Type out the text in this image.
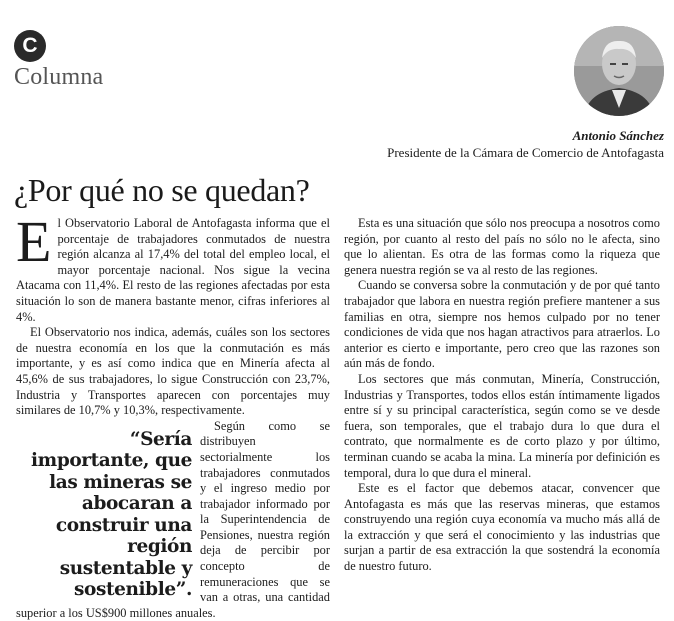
C
Columna
Antonio Sánchez
Presidente de la Cámara de Comercio de Antofagasta
¿Por qué no se quedan?

El Observatorio Laboral de Antofagasta informa que el porcentaje de trabajadores conmutados de nuestra región alcanza al 17,4% del total del empleo local, el mayor porcentaje nacional. Nos sigue la vecina Atacama con 11,4%. El resto de las regiones afectadas por esta situación lo son de manera bastante menor, cifras inferiores al 4%.

El Observatorio nos indica, además, cuáles son los sectores de nuestra economía en los que la conmutación es más importante, y es así como indica que en Minería afecta al 45,6% de sus trabajadores, lo sigue Construcción con 23,7%, Industria y Transportes aparecen con porcentajes muy similares de 10,7% y 10,3%, respectivamente.
“Sería importante, que las mineras se abocaran a construir una región sustentable y sostenible”.

Según como se distribuyen sectorialmente los trabajadores conmutados y el ingreso medio por trabajador informado por la Superintendencia de Pensiones, nuestra región deja de percibir por concepto de remuneraciones que se van a otras, una cantidad superior a los US$900 millones anuales.

Esta es una situación que sólo nos preocupa a nosotros como región, por cuanto al resto del país no sólo no le afecta, sino que lo alientan. Es otra de las formas como la riqueza que genera nuestra región se va al resto de las regiones.

Cuando se conversa sobre la conmutación y de por qué tanto trabajador que labora en nuestra región prefiere mantener a sus familias en otra, siempre nos hemos culpado por no tener condiciones de vida que nos hagan atractivos para atraerlos. Lo anterior es cierto e importante, pero creo que las razones son aún más de fondo.

Los sectores que más conmutan, Minería, Construcción, Industrias y Transportes, todos ellos están íntimamente ligados entre sí y su principal característica, según como se ve desde fuera, son temporales, que el trabajo dura lo que dura el contrato, que normalmente es de corto plazo y por último, terminan cuando se acaba la mina. La minería por definición es temporal, dura lo que dura el mineral.

Este es el factor que debemos atacar, convencer que Antofagasta es más que las reservas mineras, que estamos construyendo una región cuya economía va mucho más allá de la extracción y que será el conocimiento y las industrias que surjan a partir de esa extracción la que sostendrá la economía de nuestro futuro.
